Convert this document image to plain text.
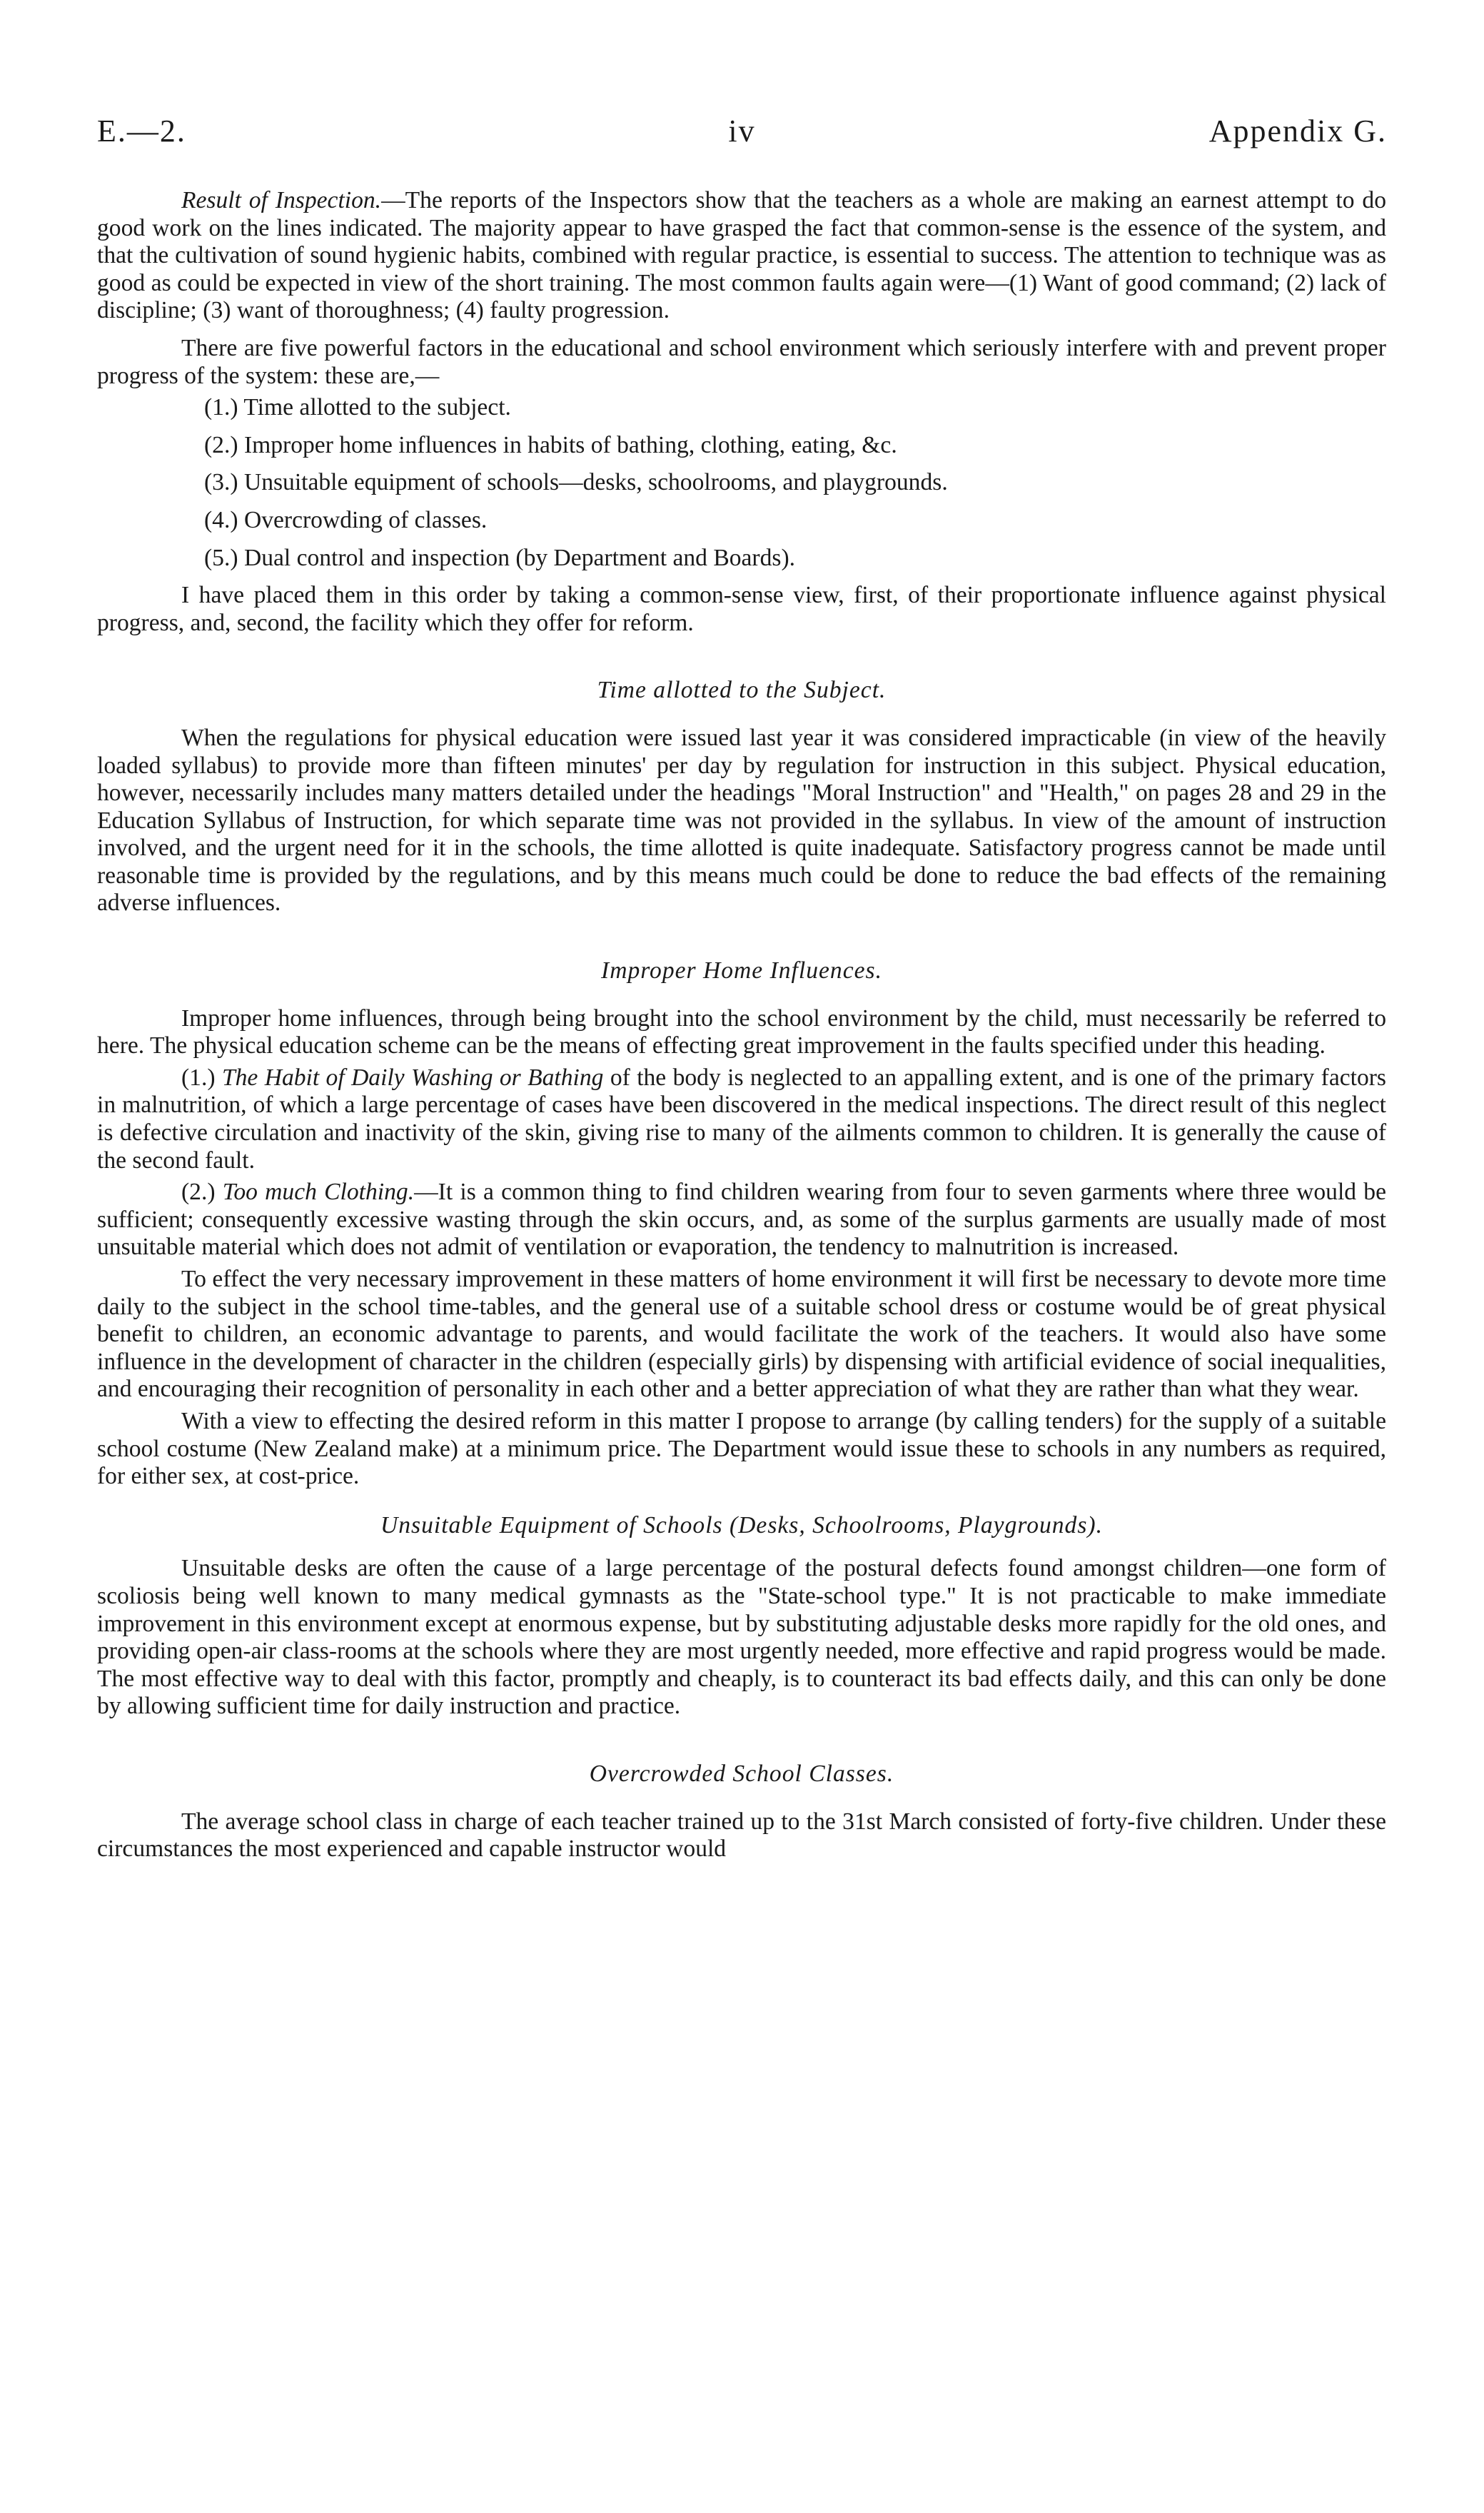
E.—2.	iv	Appendix G.

Result of Inspection.—The reports of the Inspectors show that the teachers as a whole are making an earnest attempt to do good work on the lines indicated. The majority appear to have grasped the fact that common-sense is the essence of the system, and that the cultivation of sound hygienic habits, combined with regular practice, is essential to success. The attention to technique was as good as could be expected in view of the short training. The most common faults again were—(1) Want of good command; (2) lack of discipline; (3) want of thoroughness; (4) faulty progression.

There are five powerful factors in the educational and school environment which seriously interfere with and prevent proper progress of the system: these are,—

(1.) Time allotted to the subject.

(2.) Improper home influences in habits of bathing, clothing, eating, &c.

(3.) Unsuitable equipment of schools—desks, schoolrooms, and playgrounds.

(4.) Overcrowding of classes.

(5.) Dual control and inspection (by Department and Boards).

I have placed them in this order by taking a common-sense view, first, of their proportionate influence against physical progress, and, second, the facility which they offer for reform.

Time allotted to the Subject.

When the regulations for physical education were issued last year it was considered impracticable (in view of the heavily loaded syllabus) to provide more than fifteen minutes' per day by regulation for instruction in this subject. Physical education, however, necessarily includes many matters detailed under the headings "Moral Instruction" and "Health," on pages 28 and 29 in the Education Syllabus of Instruction, for which separate time was not provided in the syllabus. In view of the amount of instruction involved, and the urgent need for it in the schools, the time allotted is quite inadequate. Satisfactory progress cannot be made until reasonable time is provided by the regulations, and by this means much could be done to reduce the bad effects of the remaining adverse influences.

Improper Home Influences.

Improper home influences, through being brought into the school environment by the child, must necessarily be referred to here. The physical education scheme can be the means of effecting great improvement in the faults specified under this heading.

(1.) The Habit of Daily Washing or Bathing of the body is neglected to an appalling extent, and is one of the primary factors in malnutrition, of which a large percentage of cases have been discovered in the medical inspections. The direct result of this neglect is defective circulation and inactivity of the skin, giving rise to many of the ailments common to children. It is generally the cause of the second fault.

(2.) Too much Clothing.—It is a common thing to find children wearing from four to seven garments where three would be sufficient; consequently excessive wasting through the skin occurs, and, as some of the surplus garments are usually made of most unsuitable material which does not admit of ventilation or evaporation, the tendency to malnutrition is increased.

To effect the very necessary improvement in these matters of home environment it will first be necessary to devote more time daily to the subject in the school time-tables, and the general use of a suitable school dress or costume would be of great physical benefit to children, an economic advantage to parents, and would facilitate the work of the teachers. It would also have some influence in the development of character in the children (especially girls) by dispensing with artificial evidence of social inequalities, and encouraging their recognition of personality in each other and a better appreciation of what they are rather than what they wear.

With a view to effecting the desired reform in this matter I propose to arrange (by calling tenders) for the supply of a suitable school costume (New Zealand make) at a minimum price. The Department would issue these to schools in any numbers as required, for either sex, at cost-price.

Unsuitable Equipment of Schools (Desks, Schoolrooms, Playgrounds).

Unsuitable desks are often the cause of a large percentage of the postural defects found amongst children—one form of scoliosis being well known to many medical gymnasts as the "State-school type." It is not practicable to make immediate improvement in this environment except at enormous expense, but by substituting adjustable desks more rapidly for the old ones, and providing open-air class-rooms at the schools where they are most urgently needed, more effective and rapid progress would be made. The most effective way to deal with this factor, promptly and cheaply, is to counteract its bad effects daily, and this can only be done by allowing sufficient time for daily instruction and practice.

Overcrowded School Classes.

The average school class in charge of each teacher trained up to the 31st March consisted of forty-five children. Under these circumstances the most experienced and capable instructor would
